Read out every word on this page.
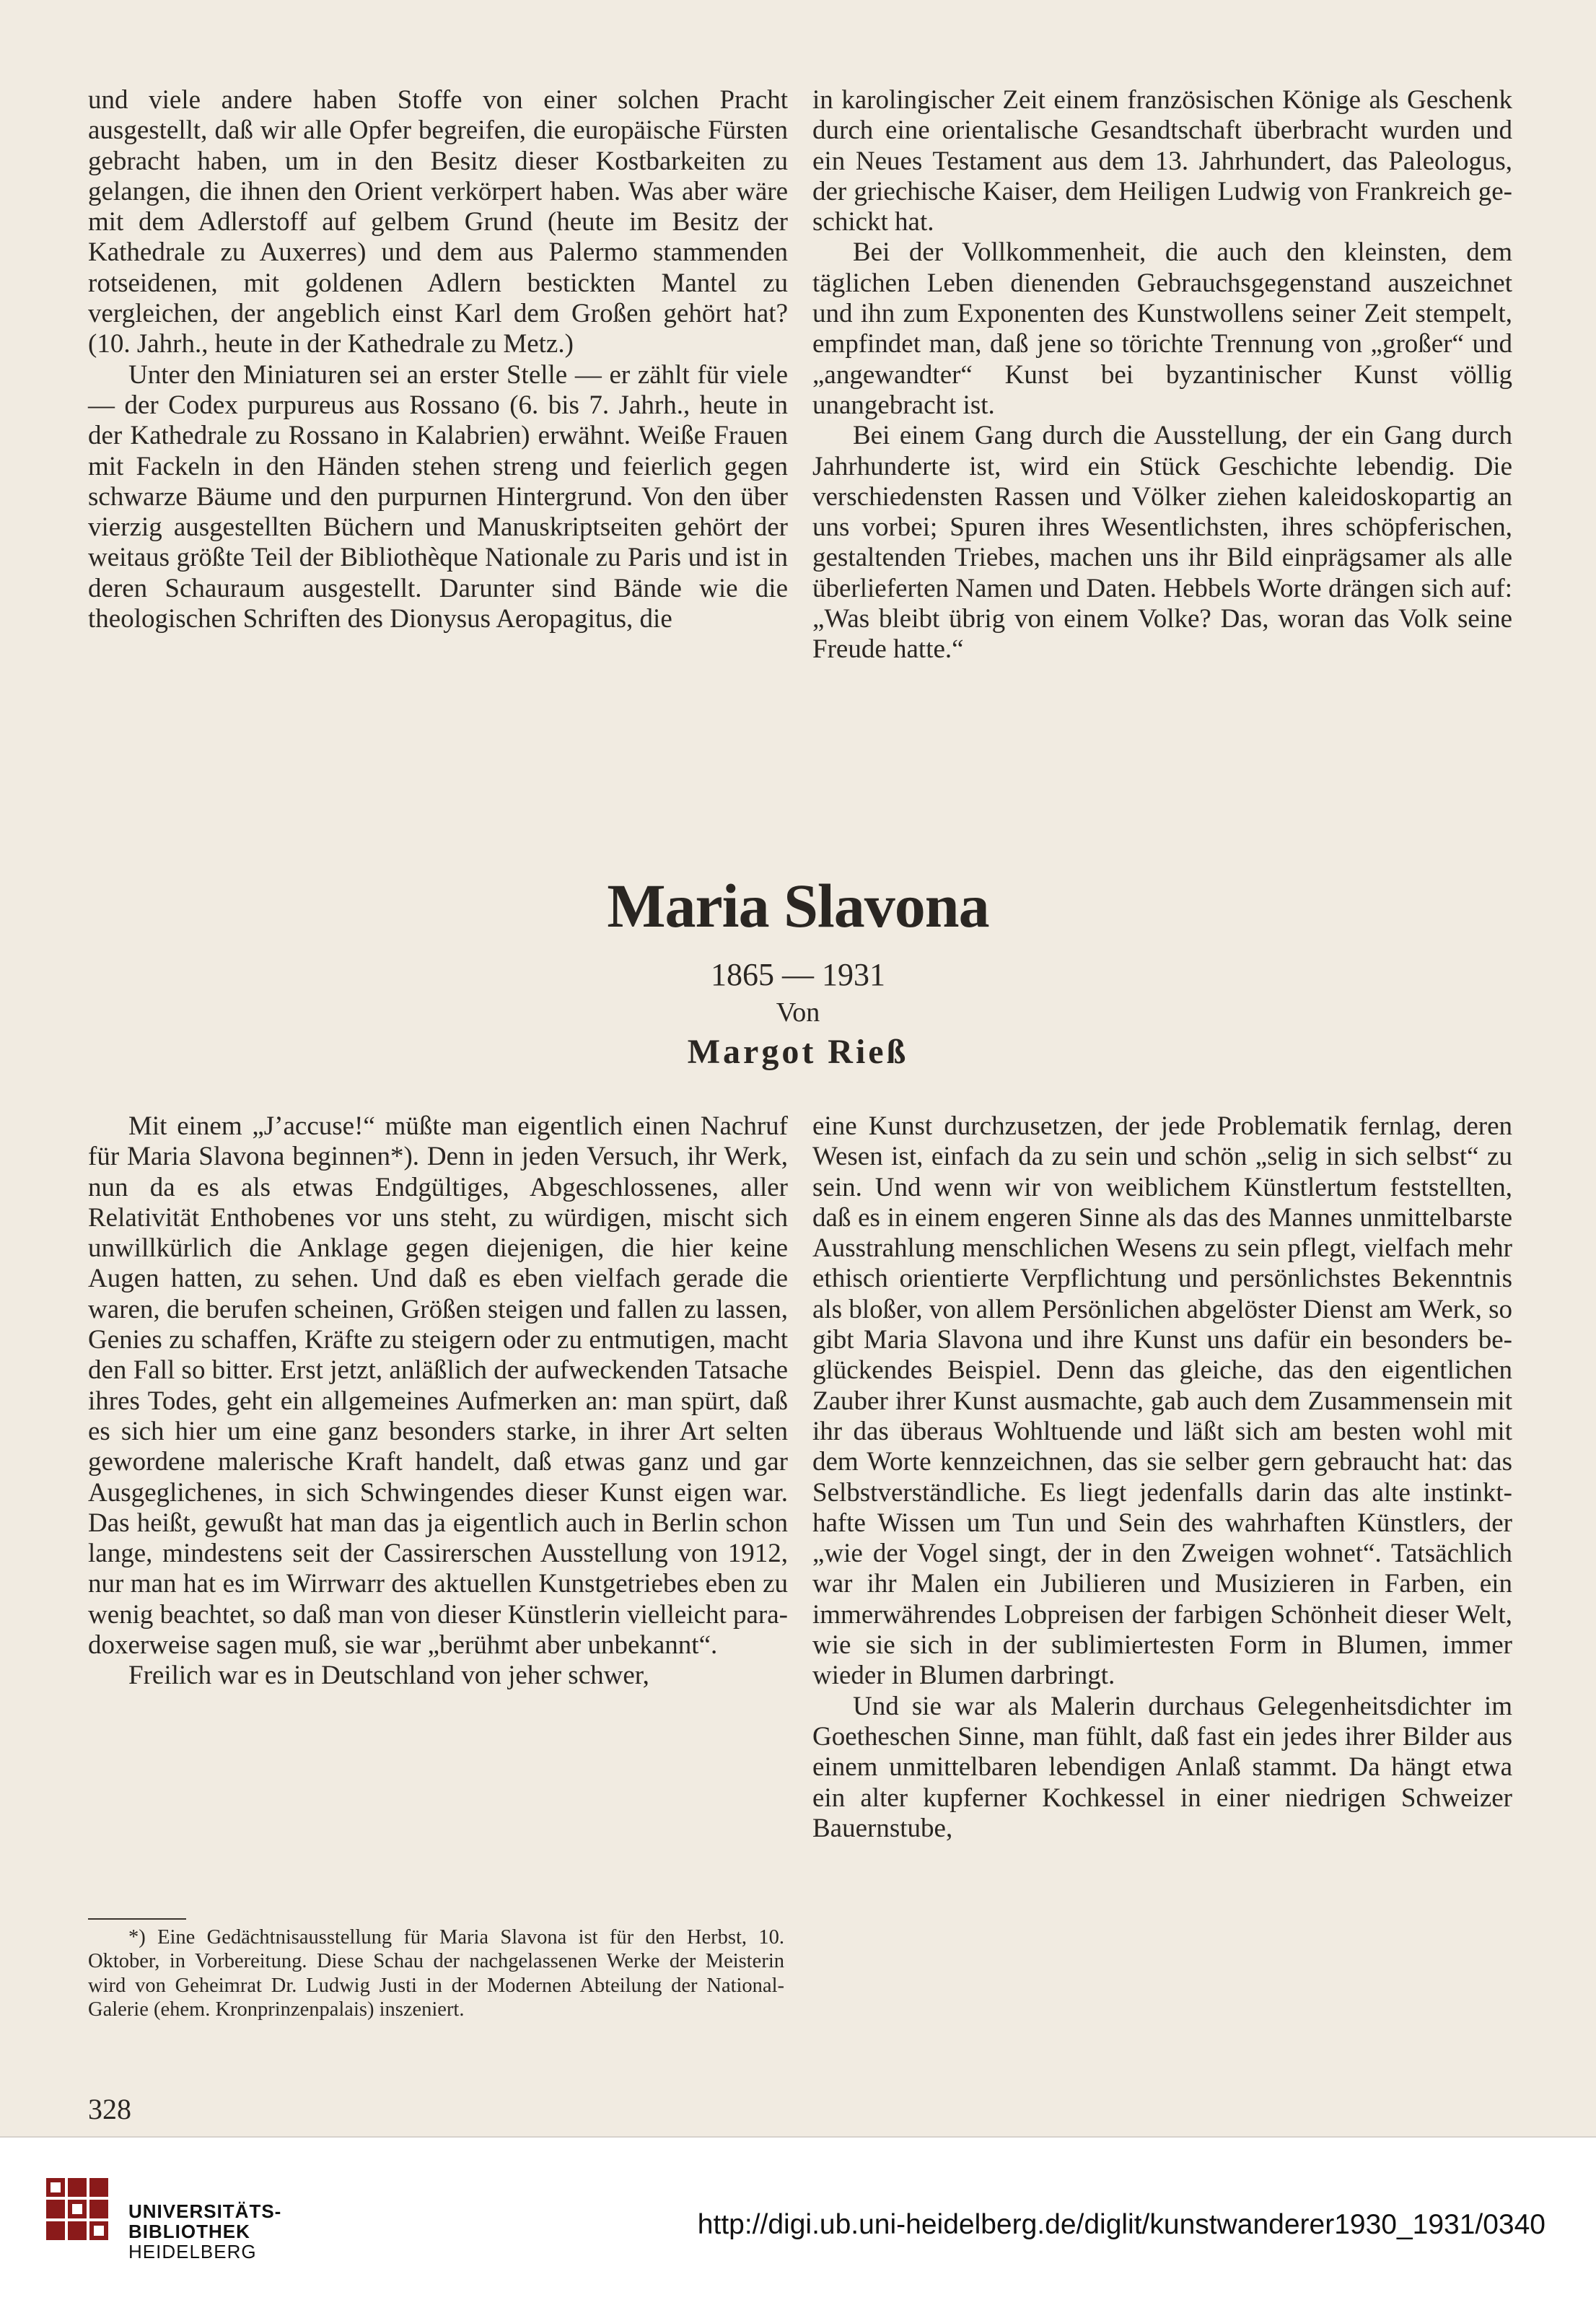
und viele andere haben Stoffe von einer solchen Pracht ausgestellt, daß wir alle Opfer begreifen, die europäische Fürsten gebracht haben, um in den Besitz dieser Kostbarkeiten zu gelangen, die ihnen den Orient verkörpert haben. Was aber wäre mit dem Adlerstoff auf gelbem Grund (heute im Besitz der Kathedrale zu Auxerres) und dem aus Palermo stammenden rotseidenen, mit goldenen Adlern bestickten Mantel zu vergleichen, der angeblich einst Karl dem Großen gehört hat? (10. Jahrh., heute in der Kathedrale zu Metz.)

Unter den Miniaturen sei an erster Stelle — er zählt für viele — der Codex purpureus aus Rossano (6. bis 7. Jahrh., heute in der Kathedrale zu Rossano in Kalabrien) erwähnt. Weiße Frauen mit Fackeln in den Händen stehen streng und feierlich gegen schwarze Bäume und den purpurnen Hintergrund. Von den über vierzig ausgestellten Büchern und Manuskriptseiten gehört der weitaus größte Teil der Bibliothèque Nationale zu Paris und ist in deren Schauraum ausgestellt. Darunter sind Bände wie die theologischen Schriften des Dionysus Aeropagitus, die

in karolingischer Zeit einem französischen Könige als Geschenk durch eine orientalische Gesandtschaft überbracht wurden und ein Neues Testament aus dem 13. Jahrhundert, das Paleologus, der griechische Kaiser, dem Heiligen Ludwig von Frankreich geschickt hat.

Bei der Vollkommenheit, die auch den kleinsten, dem täglichen Leben dienenden Gebrauchsgegenstand auszeichnet und ihn zum Exponenten des Kunstwollens seiner Zeit stempelt, empfindet man, daß jene so törichte Trennung von „großer“ und „angewandter“ Kunst bei byzantinischer Kunst völlig unangebracht ist.

Bei einem Gang durch die Ausstellung, der ein Gang durch Jahrhunderte ist, wird ein Stück Geschichte lebendig. Die verschiedensten Rassen und Völker ziehen kaleidoskopartig an uns vorbei; Spuren ihres Wesentlichsten, ihres schöpferischen, gestaltenden Triebes, machen uns ihr Bild einprägsamer als alle überlieferten Namen und Daten. Hebbels Worte drängen sich auf: „Was bleibt übrig von einem Volke? Das, woran das Volk seine Freude hatte.“

Maria Slavona
1865 — 1931
Von
Margot Rieß

Mit einem „J’accuse!“ müßte man eigentlich einen Nachruf für Maria Slavona beginnen*). Denn in jeden Versuch, ihr Werk, nun da es als etwas Endgültiges, Abgeschlossenes, aller Relativität Enthobenes vor uns steht, zu würdigen, mischt sich unwillkürlich die Anklage gegen diejenigen, die hier keine Augen hatten, zu sehen. Und daß es eben vielfach gerade die waren, die berufen scheinen, Größen steigen und fallen zu lassen, Genies zu schaffen, Kräfte zu steigern oder zu entmutigen, macht den Fall so bitter. Erst jetzt, anläßlich der aufweckenden Tatsache ihres Todes, geht ein allgemeines Aufmerken an: man spürt, daß es sich hier um eine ganz besonders starke, in ihrer Art selten gewordene malerische Kraft handelt, daß etwas ganz und gar Ausgeglichenes, in sich Schwingendes dieser Kunst eigen war. Das heißt, gewußt hat man das ja eigentlich auch in Berlin schon lange, mindestens seit der Cassirerschen Ausstellung von 1912, nur man hat es im Wirrwarr des aktuellen Kunstgetriebes eben zu wenig beachtet, so daß man von dieser Künstlerin vielleicht paradoxerweise sagen muß, sie war „berühmt aber unbekannt“.

Freilich war es in Deutschland von jeher schwer,

eine Kunst durchzusetzen, der jede Problematik fernlag, deren Wesen ist, einfach da zu sein und schön „selig in sich selbst“ zu sein. Und wenn wir von weiblichem Künstlertum feststellten, daß es in einem engeren Sinne als das des Mannes unmittelbarste Ausstrahlung menschlichen Wesens zu sein pflegt, vielfach mehr ethisch orientierte Verpflichtung und persönlichstes Bekenntnis als bloßer, von allem Persönlichen abgelöster Dienst am Werk, so gibt Maria Slavona und ihre Kunst uns dafür ein besonders beglückendes Beispiel. Denn das gleiche, das den eigentlichen Zauber ihrer Kunst ausmachte, gab auch dem Zusammensein mit ihr das überaus Wohltuende und läßt sich am besten wohl mit dem Worte kennzeichnen, das sie selber gern gebraucht hat: das Selbstverständliche. Es liegt jedenfalls darin das alte instinkthafte Wissen um Tun und Sein des wahrhaften Künstlers, der „wie der Vogel singt, der in den Zweigen wohnet“. Tatsächlich war ihr Malen ein Jubilieren und Musizieren in Farben, ein immerwährendes Lobpreisen der farbigen Schönheit dieser Welt, wie sie sich in der sublimiertesten Form in Blumen, immer wieder in Blumen darbringt.

Und sie war als Malerin durchaus Gelegenheitsdichter im Goetheschen Sinne, man fühlt, daß fast ein jedes ihrer Bilder aus einem unmittelbaren lebendigen Anlaß stammt. Da hängt etwa ein alter kupferner Kochkessel in einer niedrigen Schweizer Bauernstube,

*) Eine Gedächtnisausstellung für Maria Slavona ist für den Herbst, 10. Oktober, in Vorbereitung. Diese Schau der nachgelassenen Werke der Meisterin wird von Geheimrat Dr. Ludwig Justi in der Modernen Abteilung der National-Galerie (ehem. Kronprinzenpalais) inszeniert.

328
UNIVERSITÄTS-
BIBLIOTHEK
HEIDELBERG
http://digi.ub.uni-heidelberg.de/diglit/kunstwanderer1930_1931/0340
